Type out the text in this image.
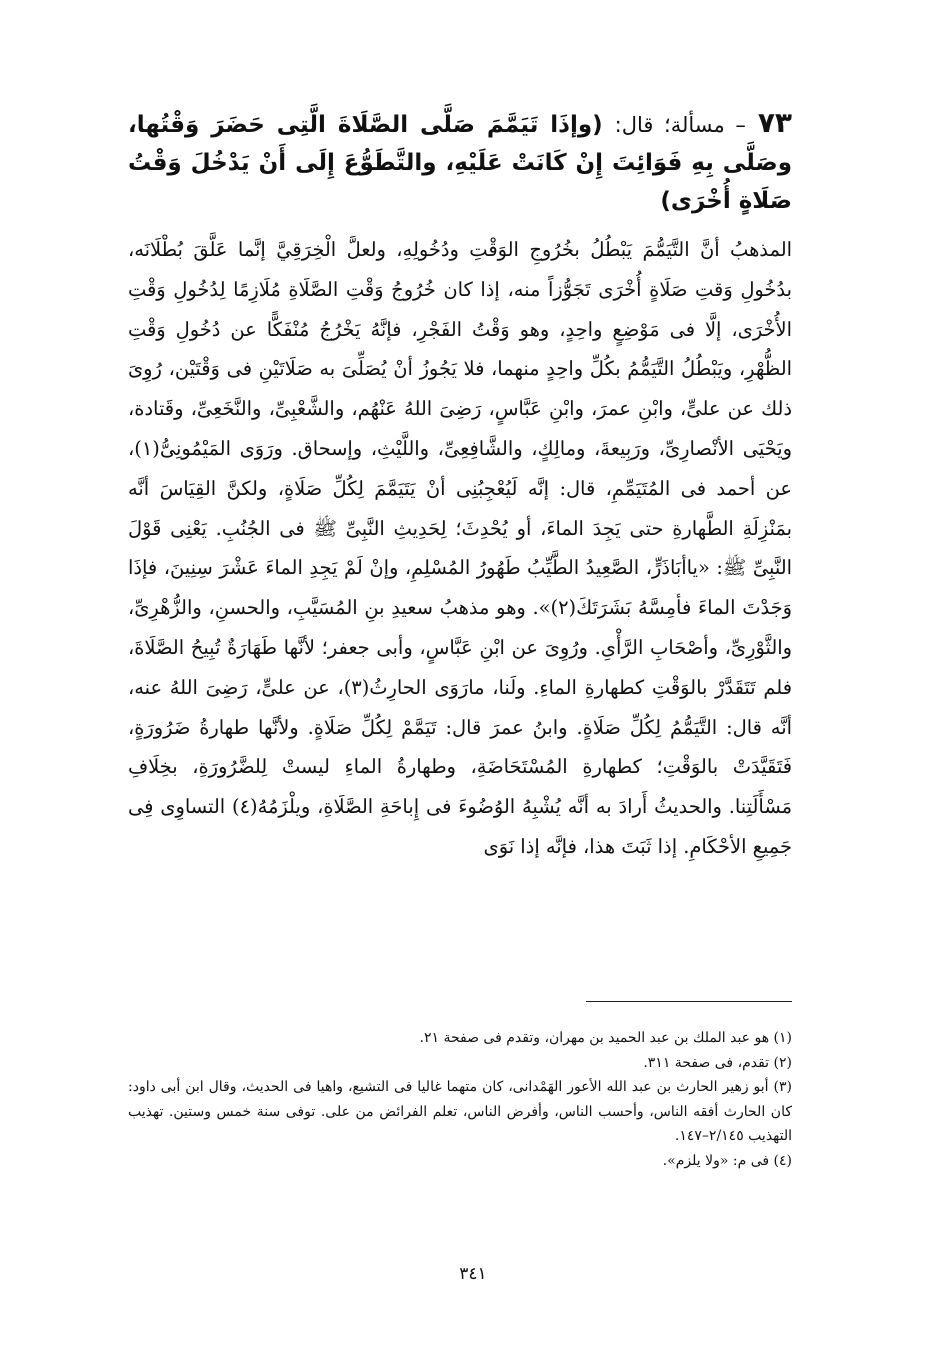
٧٣ – مسألة؛ قال: (وإذَا تَيَمَّمَ صَلَّى الصَّلَاةَ الَّتِى حَضَرَ وَقْتُها، وصَلَّى بِهِ فَوَائِتَ إِنْ كَانَتْ عَلَيْهِ، والتَّطَوُّعَ إِلَى أَنْ يَدْخُلَ وَقْتُ صَلَاةٍ أُخْرَى)

المذهبُ أنَّ التَّيَمُّمَ يَبْطُلُ بخُرُوجِ الوَقْتِ ودُخُولِهِ، ولعلَّ الْخِرَقِيَّ إنَّما عَلَّقَ بُطْلَانَه، بدُخُولِ وَقتِ صَلَاةٍ أُخْرَى تَجَوُّزاً منه، إذا كان خُرُوجُ وَقْتِ الصَّلَاةِ مُلَازِمًا لِدُخُولِ وَقْتِ الأُخْرَى، إلَّا فى مَوْضِعٍ واحِدٍ، وهو وَقْتُ الفَجْرِ، فإنَّهُ يَخْرُجُ مُنْفَكًّا عن دُخُولِ وَقْتِ الظُّهْرِ، ويَبْطُلُ التَّيَمُّمُ بكُلِّ واحِدٍ منهما، فلا يَجُوزُ أنْ يُصَلِّىَ به صَلَاتَيْنِ فى وَقْتَيْن، رُوِىَ ذلك عن علىٍّ، وابْنِ عمرَ، وابْنِ عَبَّاسٍ، رَضِىَ اللهُ عَنْهُم، والشَّعْبِىِّ، والنَّخَعِىِّ، وقَتادة، ويَحْيَى الأنْصارِىِّ، ورَبِيعةَ، ومالِكٍ، والشَّافِعِىِّ، واللَّيْثِ، وإسحاق. ورَوَى المَيْمُونِىُّ(١)، عن أحمد فى المُتَيَمِّمِ، قال: إنَّه لَيُعْجِبُنِى أنْ يَتَيَمَّمَ لِكُلِّ صَلَاةٍ، ولكنَّ القِيَاسَ أنَّه بمَنْزِلَةِ الطَّهارةِ حتى يَجِدَ الماءَ، أو يُحْدِثَ؛ لِحَدِيثِ النَّبِىِّ ﷺ فى الجُنُبِ. يَعْنِى قَوْلَ النَّبِىِّ ﷺ: «ياأبَاذَرٍّ، الصَّعِيدُ الطَّيِّبُ طَهُورُ المُسْلِمِ، وإنْ لَمْ يَجِدِ الماءَ عَشْرَ سِنِينَ، فإذَا وَجَدْتَ الماءَ فأمِسَّهُ بَشَرَتَكَ(٢)». وهو مذهبُ سعيدِ بنِ المُسَيَّبِ، والحسنِ، والزُّهْرِىِّ، والثَّوْرِىِّ، وأصْحَابِ الرَّأْىِ. ورُوِىَ عن ابْنِ عَبَّاسٍ، وأبى جعفر؛ لأنَّها طَهَارَةٌ تُبِيحُ الصَّلَاةَ، فلم تَتَقَدَّرْ بالوَقْتِ كطهارةِ الماءِ. ولَنا، مارَوَى الحارِثُ(٣)، عن علىٍّ، رَضِىَ اللهُ عنه، أنَّه قال: التَّيَمُّمُ لِكُلِّ صَلَاةٍ. وابنُ عمرَ قال: تَيَمَّمْ لِكُلِّ صَلَاةٍ. ولأنَّها طهارةُ ضَرُورَةٍ، فَتَقَيَّدَتْ بالوَقْتِ؛ كطهارةِ المُسْتَحَاضَةِ، وطهارةُ الماءِ ليستْ لِلضَّرُورَةِ، بخِلَافِ مَسْأَلَتِنا. والحديثُ أَرادَ به أنَّه يُشْبِهُ الوُضُوءَ فى إِباحَةِ الصَّلَاةِ، ويلْزَمُهُ(٤) التساوِى فِى جَمِيعِ الأحْكَامِ. إذا ثَبَتَ هذا، فإنَّه إذا نَوَى

(١) هو عبد الملك بن عبد الحميد بن مهران، وتقدم فى صفحة ٢١.

(٢) تقدم، فى صفحة ٣١١.

(٣) أبو زهير الحارث بن عبد الله الأعور الهَمْدانى، كان متهما غاليا فى التشيع، واهيا فى الحديث، وقال ابن أبى داود: كان الحارث أفقه الناس، وأحسب الناس، وأفرض الناس، تعلم الفرائض من على. توفى سنة خمس وستين. تهذيب التهذيب ٢/١٤٥–١٤٧.

(٤) فى م: «ولا يلزم».

٣٤١
